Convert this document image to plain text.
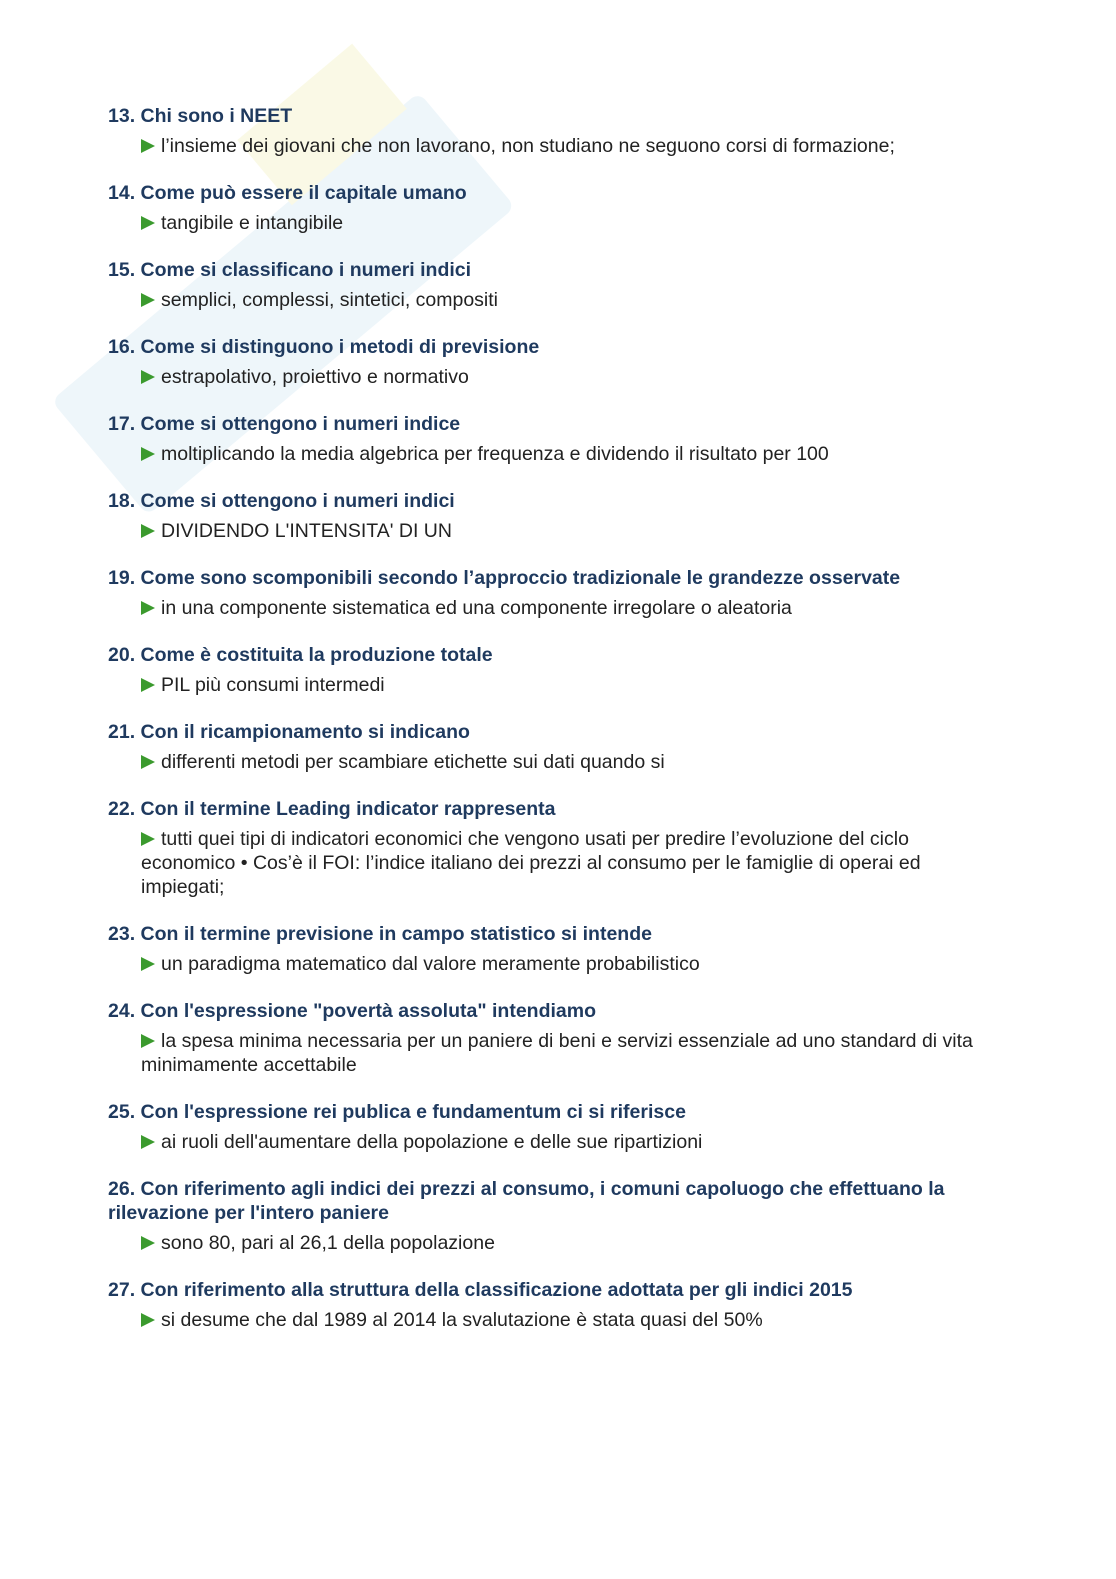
13. Chi sono i NEET

l’insieme dei giovani che non lavorano, non studiano ne seguono corsi di formazione;

14. Come può essere il capitale umano

tangibile e intangibile

15. Come si classificano i numeri indici

semplici, complessi, sintetici, compositi

16. Come si distinguono i metodi di previsione

estrapolativo, proiettivo e normativo

17. Come si ottengono i numeri indice

moltiplicando la media algebrica per frequenza e dividendo il risultato per 100

18. Come si ottengono i numeri indici

DIVIDENDO L'INTENSITA' DI UN

19. Come sono scomponibili secondo l’approccio tradizionale le grandezze osservate

in una componente sistematica ed una componente irregolare o aleatoria

20. Come è costituita la produzione totale

PIL più consumi intermedi

21. Con il ricampionamento si indicano

differenti metodi per scambiare etichette sui dati quando si

22. Con il termine Leading indicator rappresenta

tutti quei tipi di indicatori economici che vengono usati per predire l’evoluzione del ciclo economico • Cos’è il FOI: l’indice italiano dei prezzi al consumo per le famiglie di operai ed impiegati;

23. Con il termine previsione in campo statistico si intende

un paradigma matematico dal valore meramente probabilistico

24. Con l'espressione "povertà assoluta" intendiamo

la spesa minima necessaria per un paniere di beni e servizi essenziale ad uno standard di vita minimamente accettabile

25. Con l'espressione rei publica e fundamentum ci si riferisce

ai ruoli dell'aumentare della popolazione e delle sue ripartizioni

26. Con riferimento agli indici dei prezzi al consumo, i comuni capoluogo che effettuano la rilevazione per l'intero paniere

sono 80, pari al 26,1 della popolazione

27. Con riferimento alla struttura della classificazione adottata per gli indici 2015

si desume che dal 1989 al 2014 la svalutazione è stata quasi del 50%
